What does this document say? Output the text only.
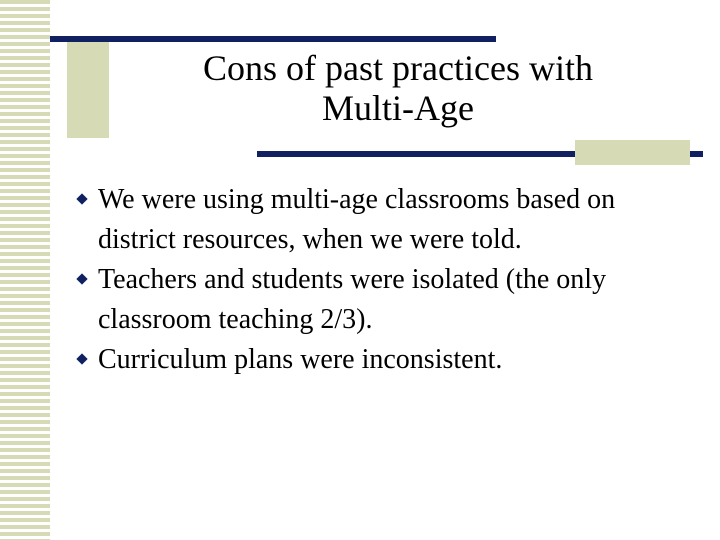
Cons of past practices with
Multi-Age
We were using multi-age classrooms based on district resources, when we were told.
Teachers and students were isolated (the only classroom teaching 2/3).
Curriculum plans were inconsistent.
